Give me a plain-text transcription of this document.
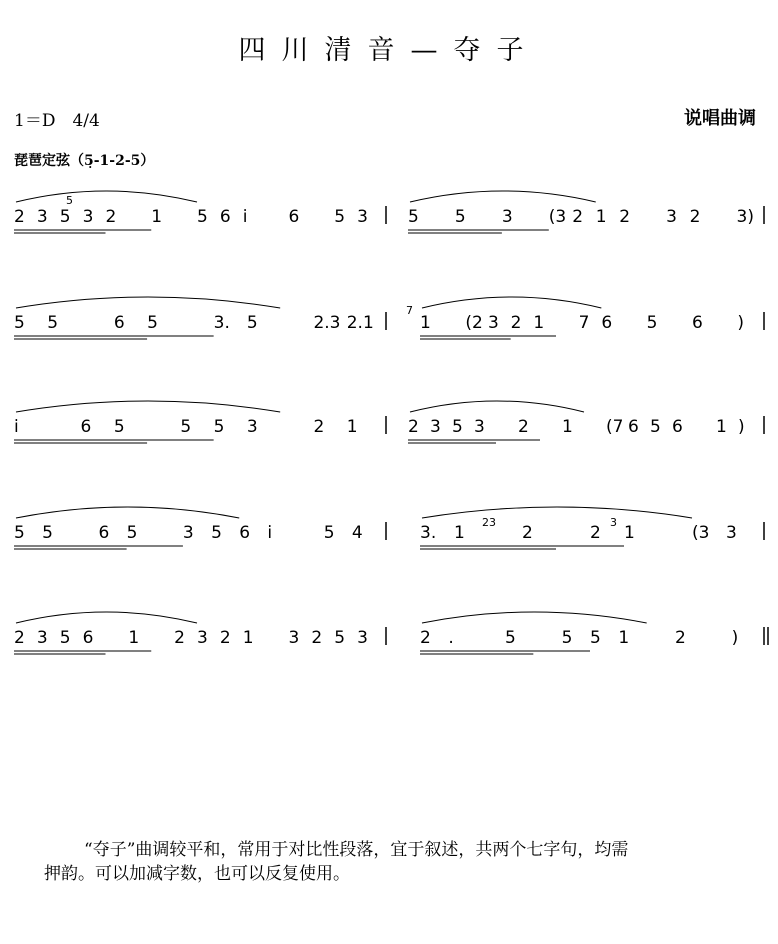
四川清音—夺子
1＝D　4/4	说唱曲调
琵琶定弦（5̣-1-2-5）
2 3 5 3 2 1 5 6 i̇ 6 5 3 5 5 3 (3 2 1 2 3 2 3)
5 5	6 5	3. 5	2.3 2.1	1 (2 3 2 1 7 6 5 6 )
i̇	6 5	5 5 3	2 1	2 3 5 3 2 1 (7 6 5 6 1 )
5 5	6 5	3 5 6 i̇	5 4	3. 1	2	2 1	(3 3
2 3 5 6 1 2 3 2 1 3 2 5 3	2 .	5	5 5 1	2	)
5
7
23	3
“夺子”曲调较平和，常用于对比性段落，宜于叙述，共两个七字句，均需
押韵。可以加减字数，也可以反复使用。
